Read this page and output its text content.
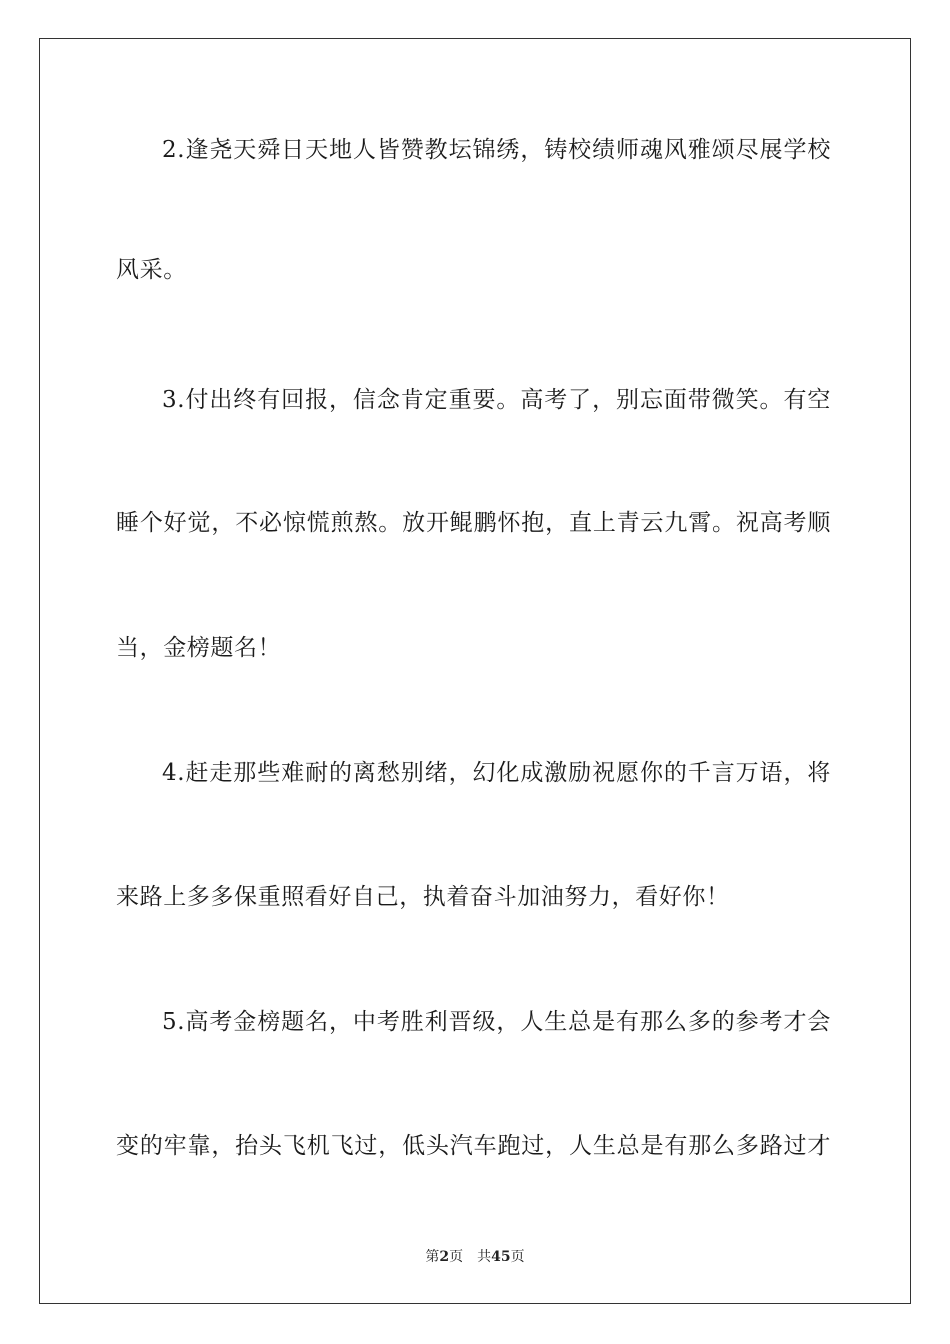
2.逢尧天舜日天地人皆赞教坛锦绣，铸校绩师魂风雅颂尽展学校
风采。
3.付出终有回报，信念肯定重要。高考了，别忘面带微笑。有空
睡个好觉，不必惊慌煎熬。放开鲲鹏怀抱，直上青云九霄。祝高考顺
当，金榜题名！
4.赶走那些难耐的离愁别绪，幻化成激励祝愿你的千言万语，将
来路上多多保重照看好自己，执着奋斗加油努力，看好你！
5.高考金榜题名，中考胜利晋级，人生总是有那么多的参考才会
变的牢靠，抬头飞机飞过，低头汽车跑过，人生总是有那么多路过才
第2页 共45页
